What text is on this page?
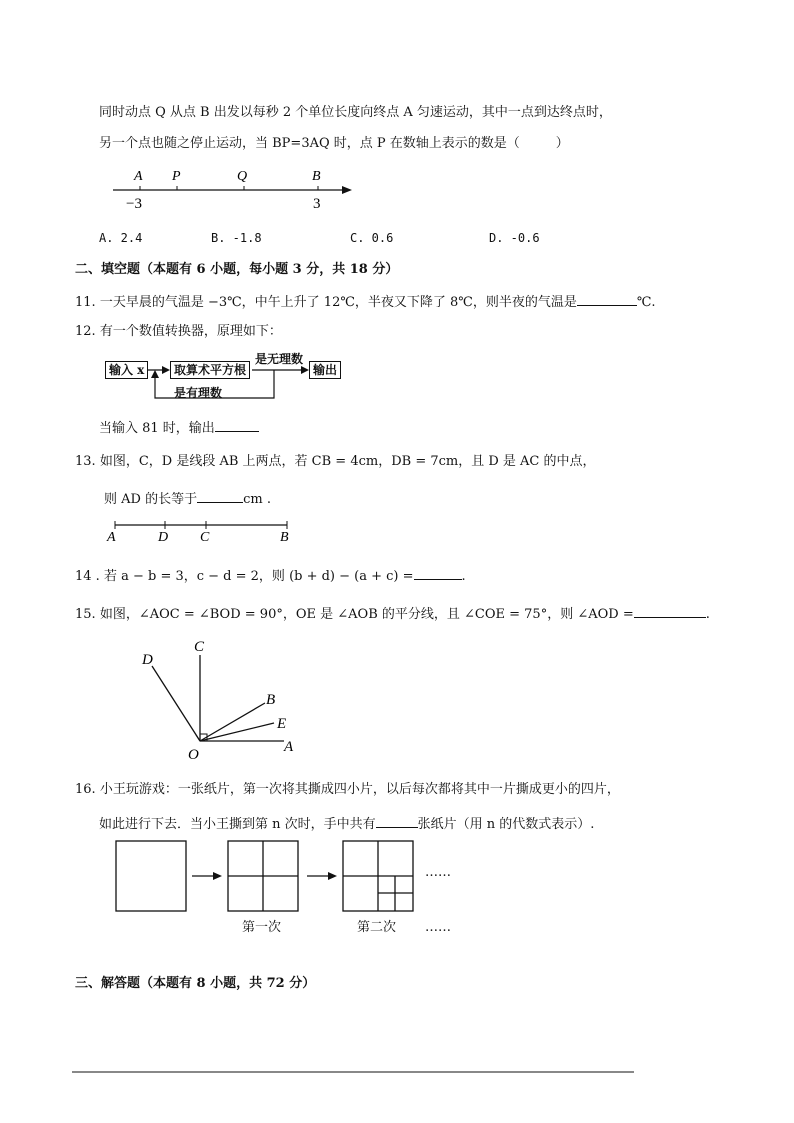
同时动点 Q 从点 B 出发以每秒 2 个单位长度向终点 A 匀速运动，其中一点到达终点时，
另一个点也随之停止运动，当 BP=3AQ 时，点 P 在数轴上表示的数是（	）
A P	Q	B
−3	3
A	D C	B
D
C
B
E
O	A
A. 2.4	B. -1.8	C. 0.6	D. -0.6
二、填空题（本题有 6 小题，每小题 3 分，共 18 分）
11. 一天早晨的气温是 −3℃，中午上升了 12℃，半夜又下降了 8℃，则半夜的气温是	℃.
12. 有一个数值转换器，原理如下：
输入 x	取算术平方根	输出
是无理数
是有理数
当输入 81 时，输出
13. 如图，C，D 是线段 AB 上两点，若 CB = 4cm，DB = 7cm，且 D 是 AC 的中点，
则 AD 的长等于	cm .
14 . 若 a − b = 3，c − d = 2，则 (b + d) − (a + c) =	.
15. 如图，∠AOC = ∠BOD = 90°，OE 是 ∠AOB 的平分线，且 ∠COE = 75°，则 ∠AOD =	.
16. 小王玩游戏：一张纸片，第一次将其撕成四小片，以后每次都将其中一片撕成更小的四片，
如此进行下去．当小王撕到第 n 次时，手中共有	张纸片（用 n 的代数式表示）.
……
第一次	第二次 ……
三、解答题（本题有 8 小题，共 72 分）
